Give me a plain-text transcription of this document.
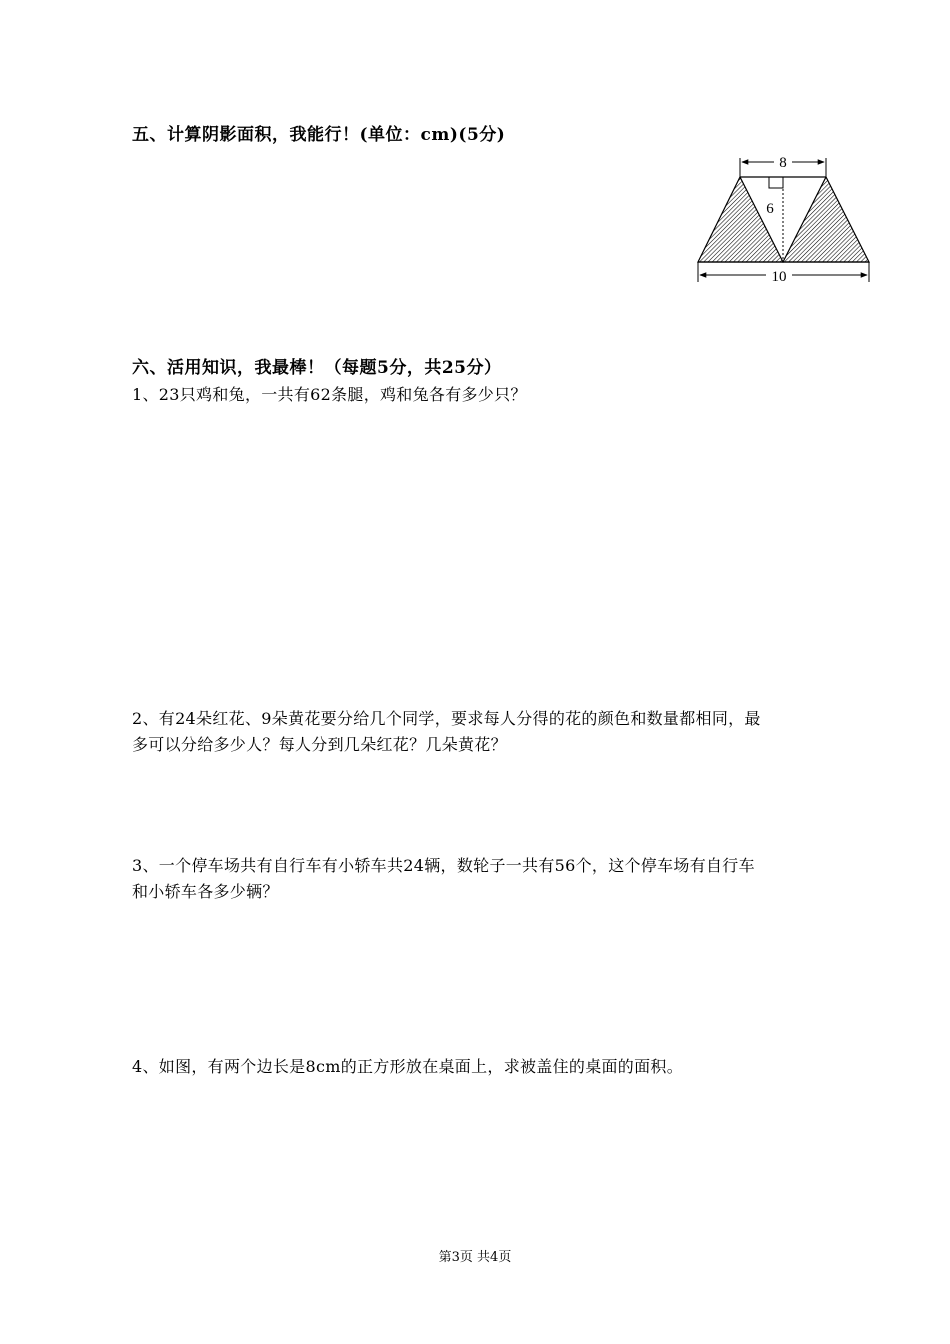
五、计算阴影面积，我能行！(单位：cm)(5分)
8
6
10
六、活用知识，我最棒！（每题5分，共25分）
1、23只鸡和兔，一共有62条腿，鸡和兔各有多少只？
2、有24朵红花、9朵黄花要分给几个同学，要求每人分得的花的颜色和数量都相同，最
多可以分给多少人？每人分到几朵红花？几朵黄花？
3、一个停车场共有自行车有小轿车共24辆，数轮子一共有56个，这个停车场有自行车
和小轿车各多少辆？
4、如图，有两个边长是8cm的正方形放在桌面上，求被盖住的桌面的面积。
第3页 共4页
